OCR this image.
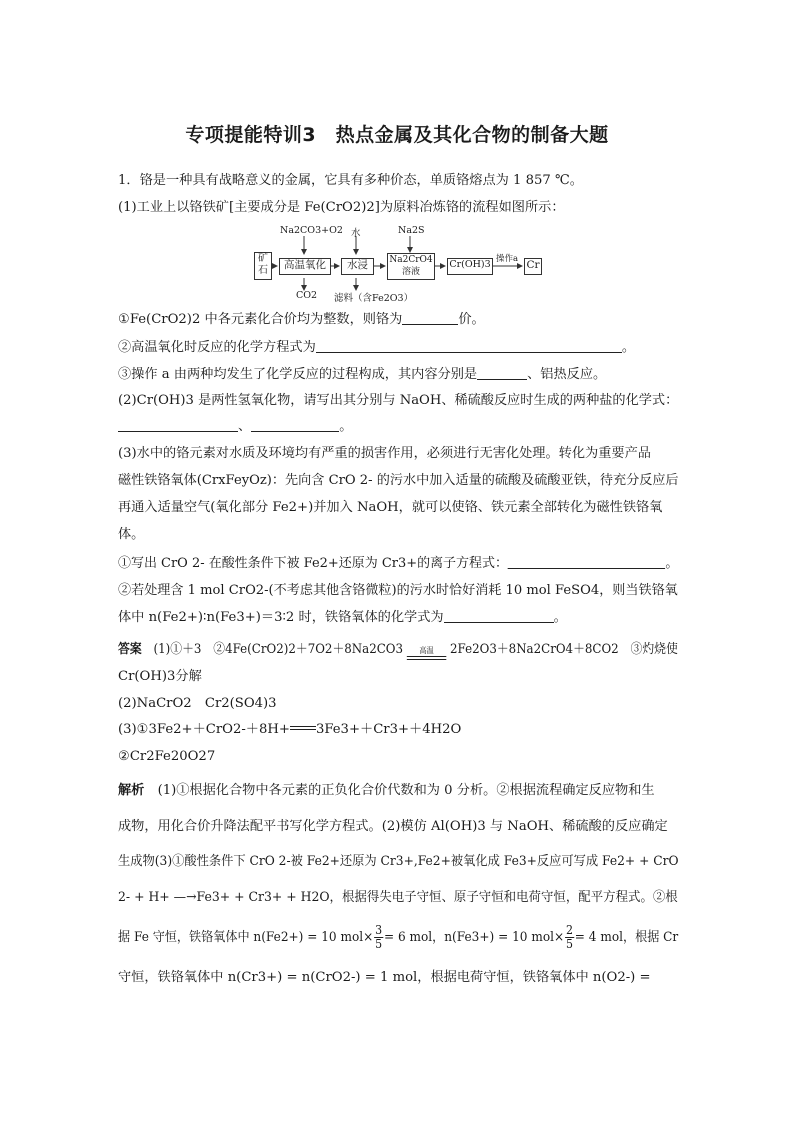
专项提能特训3　热点金属及其化合物的制备大题
1．铬是一种具有战略意义的金属，它具有多种价态，单质铬熔点为 1 857 ℃。
(1)工业上以铬铁矿[主要成分是 Fe(CrO2)2]为原料冶炼铬的流程如图所示：
矿石	高温氧化	水浸	Na2CrO4溶液
Cr(OH)3	Cr
Na2CO3+O2 水	Na2S
操作a
CO2 滤料（含Fe2O3）
①Fe(CrO2)2 中各元素化合价均为整数，则铬为	价。
②高温氧化时反应的化学方程式为	。
③操作 a 由两种均发生了化学反应的过程构成，其内容分别是	、铝热反应。
(2)Cr(OH)3 是两性氢氧化物，请写出其分别与 NaOH、稀硫酸反应时生成的两种盐的化学式：
、	。
(3)水中的铬元素对水质及环境均有严重的损害作用，必须进行无害化处理。转化为重要产品
磁性铁铬氧体(CrxFeyOz)：先向含 CrO 2- 的污水中加入适量的硫酸及硫酸亚铁，待充分反应后
再通入适量空气(氧化部分 Fe2+)并加入 NaOH，就可以使铬、铁元素全部转化为磁性铁铬氧
体。
①写出 CrO 2- 在酸性条件下被 Fe2+还原为 Cr3+的离子方程式：	。
②若处理含 1 mol CrO2-(不考虑其他含铬微粒)的污水时恰好消耗 10 mol FeSO4，则当铁铬氧
体中 n(Fe2+)∶n(Fe3+)＝3∶2 时，铁铬氧体的化学式为	。
答案　 (1)①＋3　②4Fe(CrO2)2＋7O2＋8Na2CO3	高温	2Fe2O3＋8Na2CrO4＋8CO2　③灼烧使
Cr(OH)3分解
(2)NaCrO2　Cr2(SO4)3
(3)①3Fe2+＋CrO2-＋8H+ 3Fe3+＋Cr3+＋4H2O
②Cr2Fe20O27
解析　 (1)①根据化合物中各元素的正负化合价代数和为 0 分析。②根据流程确定反应物和生
成物，用化合价升降法配平书写化学方程式。(2)模仿 Al(OH)3 与 NaOH、稀硫酸的反应确定
生成物(3)①酸性条件下 CrO 2-被 Fe2+还原为 Cr3+,Fe2+被氧化成 Fe3+反应可写成 Fe2+ + CrO
2- + H+ —→Fe3+ + Cr3+ + H2O，根据得失电子守恒、原子守恒和电荷守恒，配平方程式。②根
据 Fe 守恒，铁铬氧体中 n(Fe2+) = 10 $mol\times \frac{3}{5} = 6$ mol，n(Fe3+) = 10 $mol\times \frac{2}{5} = 4$ mol，根据 Cr
守恒，铁铬氧体中 n(Cr3+) = n(CrO2-) = 1 mol，根据电荷守恒，铁铬氧体中 n(O2-) =
